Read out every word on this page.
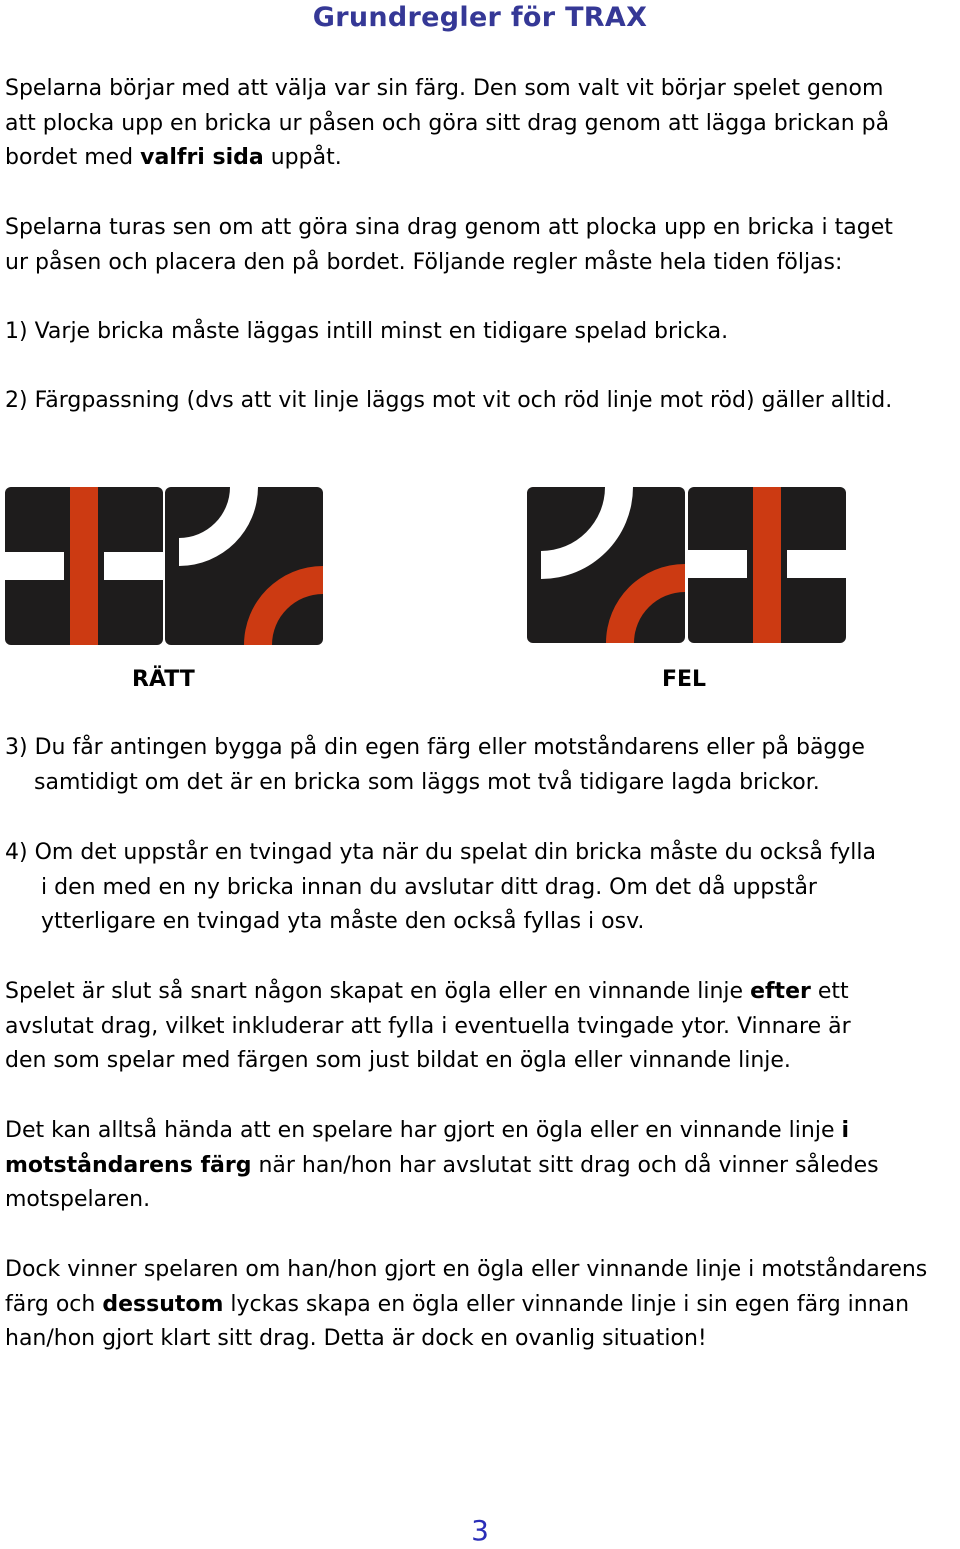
Grundregler för TRAX
Spelarna börjar med att välja var sin färg. Den som valt vit börjar spelet genom
att plocka upp en bricka ur påsen och göra sitt drag genom att lägga brickan på
bordet med valfri sida uppåt.
Spelarna turas sen om att göra sina drag genom att plocka upp en bricka i taget
ur påsen och placera den på bordet. Följande regler måste hela tiden följas:
1) Varje bricka måste läggas intill minst en tidigare spelad bricka.
2) Färgpassning (dvs att vit linje läggs mot vit och röd linje mot röd) gäller alltid.
RÄTT	FEL
3) Du får antingen bygga på din egen färg eller motståndarens eller på bägge
samtidigt om det är en bricka som läggs mot två tidigare lagda brickor.
4) Om det uppstår en tvingad yta när du spelat din bricka måste du också fylla
i den med en ny bricka innan du avslutar ditt drag. Om det då uppstår
ytterligare en tvingad yta måste den också fyllas i osv.
Spelet är slut så snart någon skapat en ögla eller en vinnande linje efter ett
avslutat drag, vilket inkluderar att fylla i eventuella tvingade ytor. Vinnare är
den som spelar med färgen som just bildat en ögla eller vinnande linje.
Det kan alltså hända att en spelare har gjort en ögla eller en vinnande linje i
motståndarens färg när han/hon har avslutat sitt drag och då vinner således
motspelaren.
Dock vinner spelaren om han/hon gjort en ögla eller vinnande linje i motståndarens
färg och dessutom lyckas skapa en ögla eller vinnande linje i sin egen färg innan
han/hon gjort klart sitt drag. Detta är dock en ovanlig situation!
3
